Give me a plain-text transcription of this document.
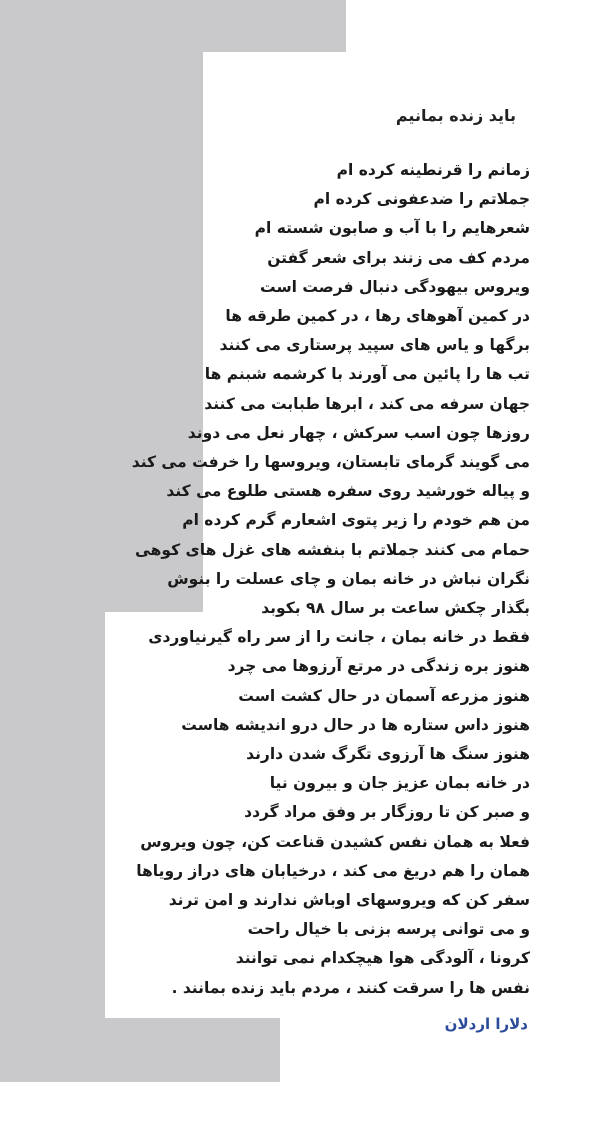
باید زنده بمانیم
زمانم را قرنطینه کرده ام
جملاتم را ضدعفونی کرده ام
شعرهایم را با آب و صابون شسته ام
مردم کف می زنند برای شعر گفتن
ویروس بیهودگی دنبال فرصت است
در کمین آهوهای رها ، در کمین طرقه ها
برگها و یاس های سپید پرستاری می کنند
تب ها را پائین می آورند با کرشمه شبنم ها
جهان سرفه می کند ، ابرها طبابت می کنند
روزها چون اسب سرکش ، چهار نعل می دوند
می گویند گرمای تابستان، ویروسها را خرفت می کند
و پیاله خورشید روی سفره هستی طلوع می کند
من هم خودم را زیر پتوی اشعارم گرم کرده ام
حمام می کنند جملاتم با بنفشه های غزل های کوهی
نگران نباش در خانه بمان و چای عسلت را بنوش
بگذار چکش ساعت بر سال ۹۸ بکوبد
فقط در خانه بمان ، جانت را از سر راه گیرنیاوردی
هنوز بره زندگی در مرتع آرزوها می چرد
هنوز مزرعه آسمان در حال کشت است
هنوز داس ستاره ها در حال درو اندیشه هاست
هنوز سنگ ها آرزوی تگرگ شدن دارند
در خانه بمان عزیز جان و بیرون نیا
و صبر کن تا روزگار بر وفق مراد گردد
فعلا به همان نفس کشیدن قناعت کن، چون ویروس
همان را هم دریغ می کند ، درخیابان های دراز رویاها
سفر کن که ویروسهای اوباش ندارند و امن ترند
و می توانی پرسه بزنی با خیال راحت
کرونا ، آلودگی هوا هیچکدام نمی توانند
نفس ها را سرقت کنند ، مردم باید زنده بمانند .
دلارا اردلان
